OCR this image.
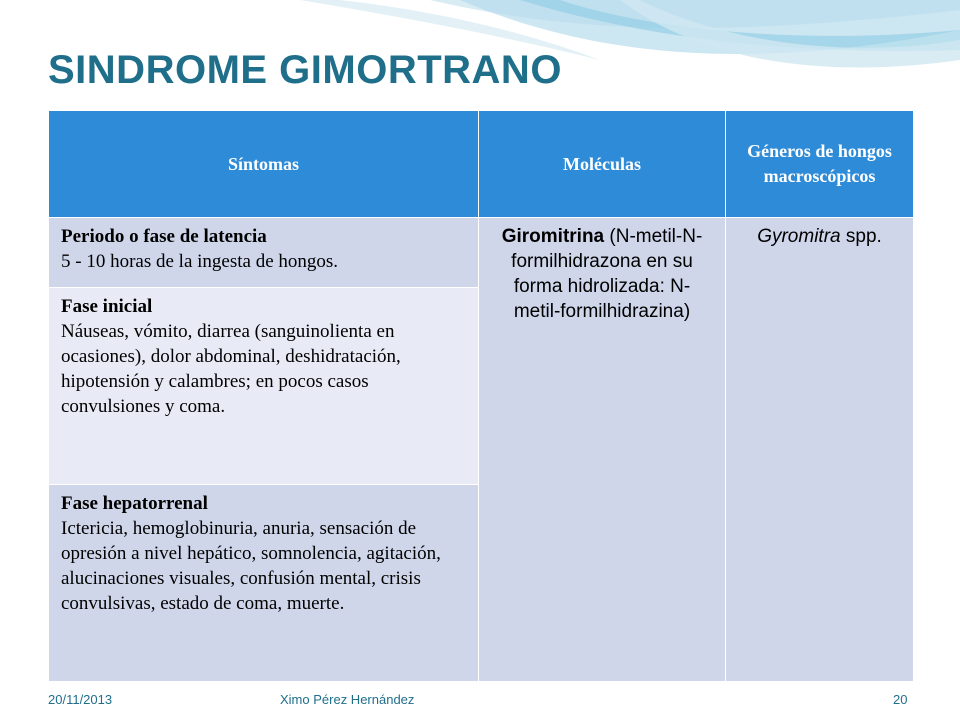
SINDROME GIMORTRANO
Síntomas	Moléculas	Géneros de hongos macroscópicos

Periodo o fase de latencia
5 - 10 horas de la ingesta de hongos.	Giromitrina (N-metil-N-formilhidrazona en su forma hidrolizada: N-metil-formilhidrazina)	Gyromitra spp.

Fase inicial
Náuseas, vómito, diarrea (sanguinolienta en ocasiones), dolor abdominal, deshidratación, hipotensión y calambres; en pocos casos convulsiones y coma.		

Fase hepatorrenal
Ictericia, hemoglobinuria, anuria, sensación de opresión a nivel hepático, somnolencia, agitación, alucinaciones visuales, confusión mental, crisis convulsivas, estado de coma, muerte.		
20/11/2013	Ximo Pérez Hernández	20
